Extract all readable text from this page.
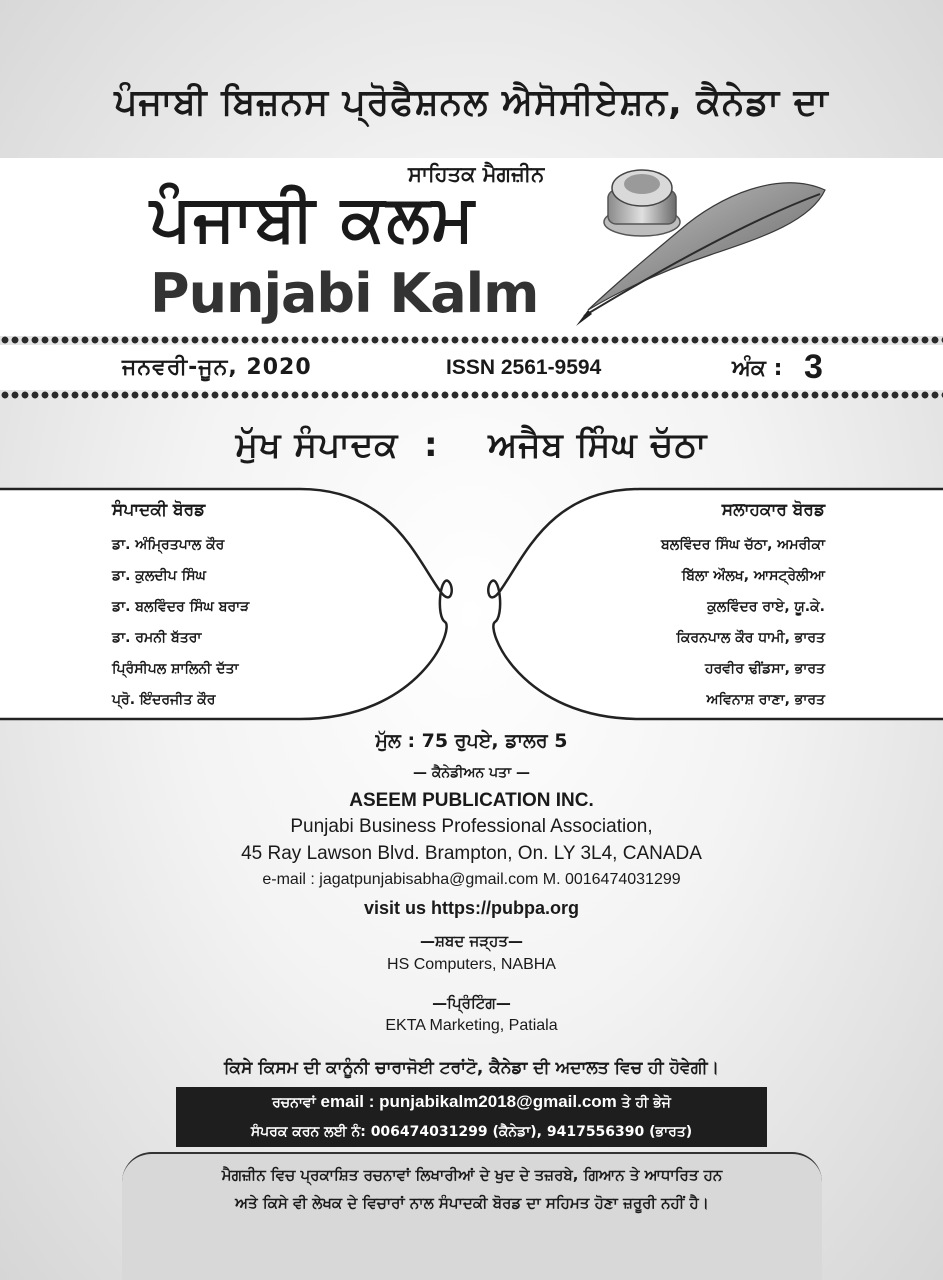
ਪੰਜਾਬੀ ਬਿਜ਼ਨਸ ਪ੍ਰੋਫੈਸ਼ਨਲ ਐਸੋਸੀਏਸ਼ਨ, ਕੈਨੇਡਾ ਦਾ
ਸਾਹਿਤਕ ਮੈਗਜ਼ੀਨ
ਪੰਜਾਬੀ ਕਲਮ
Punjabi Kalm
ਜਨਵਰੀ-ਜੂਨ, 2020	ISSN 2561-9594	ਅੰਕ : 3
ਮੁੱਖ ਸੰਪਾਦਕ : ਅਜੈਬ ਸਿੰਘ ਚੱਠਾ
ਸੰਪਾਦਕੀ ਬੋਰਡ
ਡਾ. ਅੰਮ੍ਰਿਤਪਾਲ ਕੌਰ
ਡਾ. ਕੁਲਦੀਪ ਸਿੰਘ
ਡਾ. ਬਲਵਿੰਦਰ ਸਿੰਘ ਬਰਾੜ
ਡਾ. ਰਮਨੀ ਬੱਤਰਾ
ਪ੍ਰਿੰਸੀਪਲ ਸ਼ਾਲਿਨੀ ਦੱਤਾ
ਪ੍ਰੋ. ਇੰਦਰਜੀਤ ਕੌਰ
ਸਲਾਹਕਾਰ ਬੋਰਡ
ਬਲਵਿੰਦਰ ਸਿੰਘ ਚੱਠਾ, ਅਮਰੀਕਾ
ਬਿੱਲਾ ਔਲਖ, ਆਸਟ੍ਰੇਲੀਆ
ਕੁਲਵਿੰਦਰ ਰਾਏ, ਯੂ.ਕੇ.
ਕਿਰਨਪਾਲ ਕੌਰ ਧਾਮੀ, ਭਾਰਤ
ਹਰਵੀਰ ਢੀਂਡਸਾ, ਭਾਰਤ
ਅਵਿਨਾਸ਼ ਰਾਣਾ, ਭਾਰਤ
ਮੁੱਲ : 75 ਰੁਪਏ, ਡਾਲਰ 5
— ਕੈਨੇਡੀਅਨ ਪਤਾ —
ASEEM PUBLICATION INC.
Punjabi Business Professional Association,
45 Ray Lawson Blvd. Brampton, On. LY 3L4, CANADA
e-mail : jagatpunjabisabha@gmail.com M. 0016474031299
visit us https://pubpa.org
—ਸ਼ਬਦ ਜੜ੍ਹਤ—
HS Computers, NABHA
—ਪ੍ਰਿੰਟਿੰਗ—
EKTA Marketing, Patiala
ਕਿਸੇ ਕਿਸਮ ਦੀ ਕਾਨੂੰਨੀ ਚਾਰਾਜੋਈ ਟਰਾਂਟੋ, ਕੈਨੇਡਾ ਦੀ ਅਦਾਲਤ ਵਿਚ ਹੀ ਹੋਵੇਗੀ।
ਰਚਨਾਵਾਂ email : punjabikalm2018@gmail.com ਤੇ ਹੀ ਭੇਜੋ
ਸੰਪਰਕ ਕਰਨ ਲਈ ਨੰ: 006474031299 (ਕੈਨੇਡਾ), 9417556390 (ਭਾਰਤ)
ਮੈਗਜ਼ੀਨ ਵਿਚ ਪ੍ਰਕਾਸ਼ਿਤ ਰਚਨਾਵਾਂ ਲਿਖਾਰੀਆਂ ਦੇ ਖੁਦ ਦੇ ਤਜ਼ਰਬੇ, ਗਿਆਨ ਤੇ ਆਧਾਰਿਤ ਹਨ
ਅਤੇ ਕਿਸੇ ਵੀ ਲੇਖਕ ਦੇ ਵਿਚਾਰਾਂ ਨਾਲ ਸੰਪਾਦਕੀ ਬੋਰਡ ਦਾ ਸਹਿਮਤ ਹੋਣਾ ਜ਼ਰੂਰੀ ਨਹੀਂ ਹੈ।
